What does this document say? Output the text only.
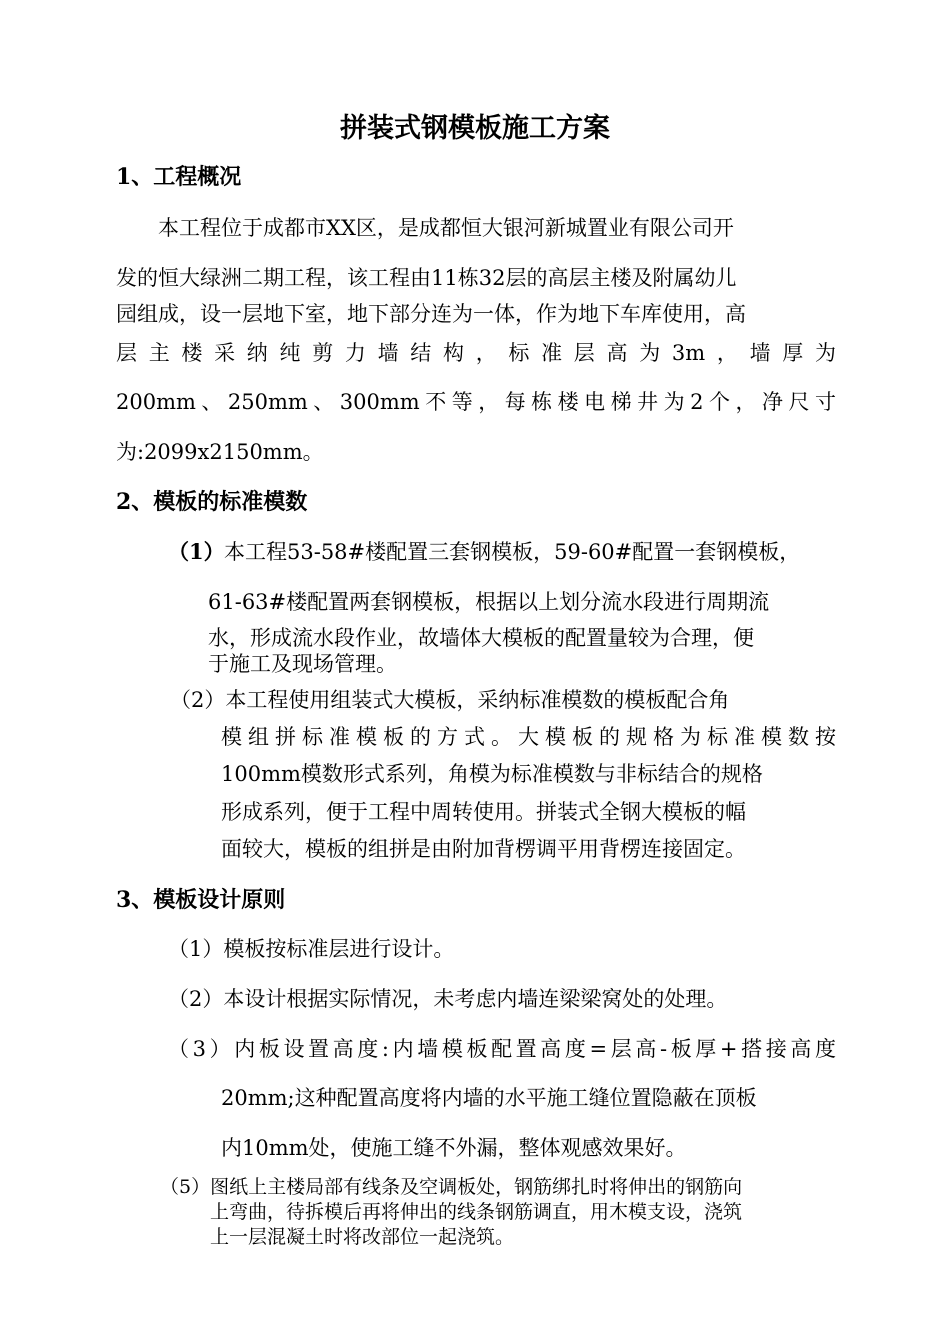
拼装式钢模板施工方案
1、工程概况
本工程位于成都市XX区，是成都恒大银河新城置业有限公司开
发的恒大绿洲二期工程，该工程由11栋32层的高层主楼及附属幼儿
园组成，设一层地下室，地下部分连为一体，作为地下车库使用，高
层主楼采纳纯剪力墙结构，标准层高为3m，墙厚为
200mm、250mm、300mm不等，每栋楼电梯井为2个，净尺寸
为:2099x2150mm。
2、模板的标准模数
（1） 本工程53-58#楼配置三套钢模板，59-60#配置一套钢模板，
61-63#楼配置两套钢模板，根据以上划分流水段进行周期流
水，形成流水段作业，故墙体大模板的配置量较为合理，便
于施工及现场管理。
（2）本工程使用组装式大模板，采纳标准模数的模板配合角
模组拼标准模板的方式。大模板的规格为标准模数按
100mm模数形式系列，角模为标准模数与非标结合的规格
形成系列，便于工程中周转使用。拼装式全钢大模板的幅
面较大，模板的组拼是由附加背楞调平用背楞连接固定。
3、模板设计原则
（1）模板按标准层进行设计。
（2）本设计根据实际情况，未考虑内墙连梁梁窝处的处理。
（3）内板设置高度:内墙模板配置高度=层高-板厚+搭接高度
20mm;这种配置高度将内墙的水平施工缝位置隐蔽在顶板
内10mm处，使施工缝不外漏，整体观感效果好。
（5）图纸上主楼局部有线条及空调板处，钢筋绑扎时将伸出的钢筋向
上弯曲，待拆模后再将伸出的线条钢筋调直，用木模支设，浇筑
上一层混凝土时将改部位一起浇筑。
